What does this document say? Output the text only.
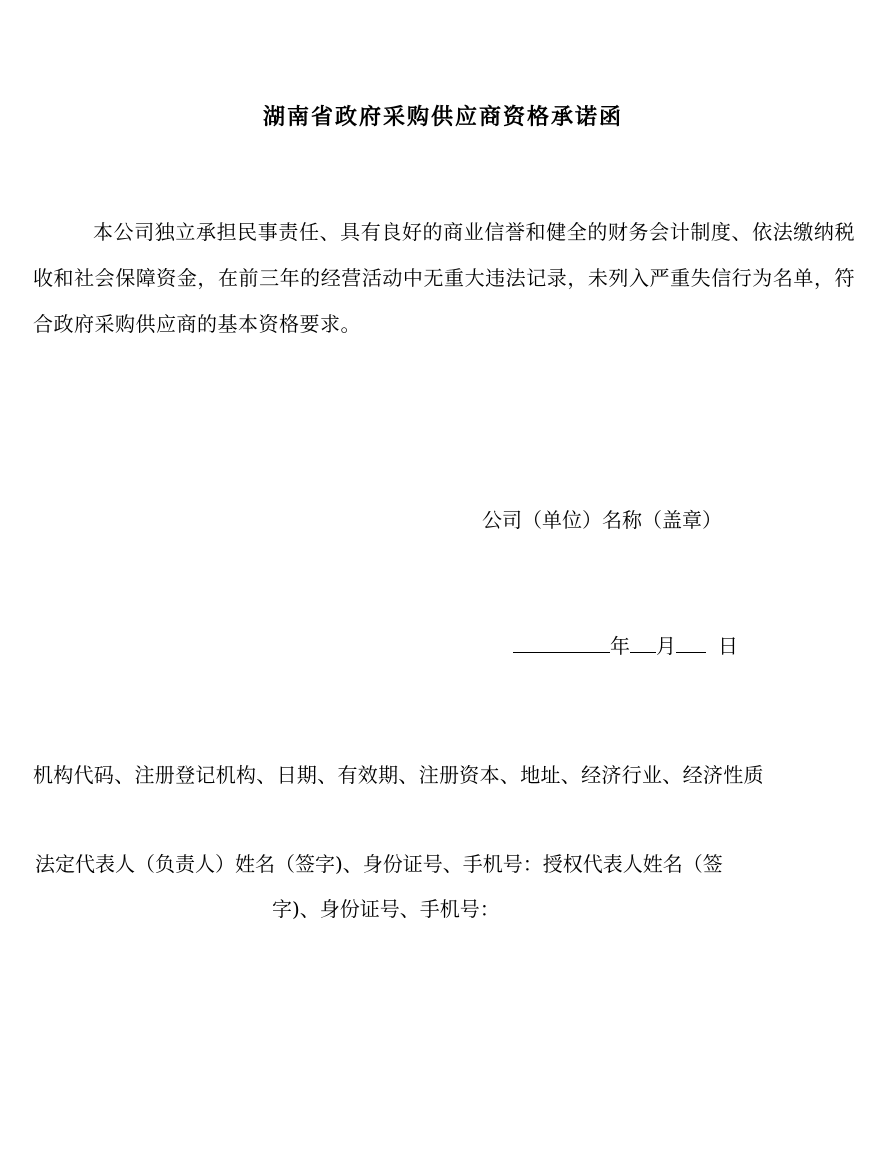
湖南省政府采购供应商资格承诺函
本公司独立承担民事责任、具有良好的商业信誉和健全的财务会计制度、依法缴纳税收和社会保障资金，在前三年的经营活动中无重大违法记录，未列入严重失信行为名单，符合政府采购供应商的基本资格要求。
公司（单位）名称（盖章）
年 月 日
机构代码、注册登记机构、日期、有效期、注册资本、地址、经济行业、经济性质
法定代表人（负责人）姓名（签字)、身份证号、手机号：授权代表人姓名（签
字)、身份证号、手机号：
